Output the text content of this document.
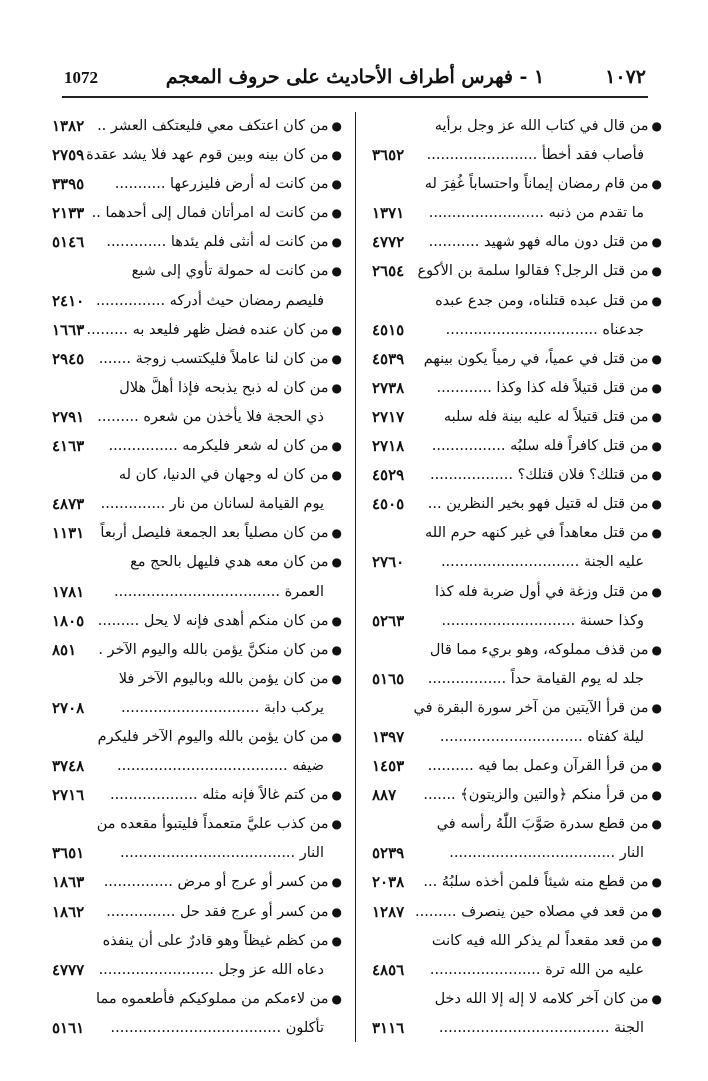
1072	١ - فهرس أطراف الأحاديث على حروف المعجم	١٠٧٢
●من قال في كتاب الله عز وجل برأيه
فأصاب فقد أخطأ ........................
٣٦٥٢
●من قام رمضان إيماناً واحتساباً غُفِرَ له
ما تقدم من ذنبه .........................
١٣٧١
●من قتل دون ماله فهو شهيد ...........
٤٧٧٢
●من قتل الرجل؟ فقالوا سلمة بن الأكوع
٢٦٥٤
●من قتل عبده قتلناه، ومن جدع عبده
جدعناه .................................
٤٥١٥
●من قتل في عمياً، في رمياً يكون بينهم
٤٥٣٩
●من قتل قتيلاً فله كذا وكذا ............
٢٧٣٨
●من قتل قتيلاً له عليه بينة فله سلبه
٢٧١٧
●من قتل كافراً فله سلبُه ................
٢٧١٨
●من قتلك؟ فلان قتلك؟ ..................
٤٥٢٩
●من قتل له قتيل فهو بخير النظرين ...
٤٥٠٥
●من قتل معاهداً في غير كنهه حرم الله
عليه الجنة ..............................
٢٧٦٠
●من قتل وزغة في أول ضربة فله كذا
وكذا حسنة .............................
٥٢٦٣
●من قذف مملوكه، وهو بريء مما قال
جلد له يوم القيامة حداً .................
٥١٦٥
●من قرأ الآيتين من آخر سورة البقرة في
ليلة كفتاه ...............................
١٣٩٧
●من قرأ القرآن وعمل بما فيه ..........
١٤٥٣
●من قرأ منكم ﴿والتين والزيتون﴾ .......
٨٨٧
●من قطع سدرة صَوَّبَ اللّٰهُ رأسه في
النار ....................................
٥٢٣٩
●من قطع منه شيئاً فلمن أخذه سلبُهُ ...
٢٠٣٨
●من قعد في مصلاه حين ينصرف .........
١٢٨٧
●من قعد مقعداً لم يذكر الله فيه كانت
عليه من الله ترة ........................
٤٨٥٦
●من كان آخر كلامه لا إله إلا الله دخل
الجنة .....................................
٣١١٦
●من كان اعتكف معي فليعتكف العشر ..
١٣٨٢
●من كان بينه وبين قوم عهد فلا يشد عقدة
٢٧٥٩
●من كانت له أرض فليزرعها ...........
٣٣٩٥
●من كانت له امرأتان فمال إلى أحدهما ..
٢١٣٣
●من كانت له أنثى فلم يئدها .............
٥١٤٦
●من كانت له حمولة تأوي إلى شبع
فليصم رمضان حيث أدركه ...............
٢٤١٠
●من كان عنده فضل ظهر فليعد به .........
١٦٦٣
●من كان لنا عاملاً فليكتسب زوجة .......
٢٩٤٥
●من كان له ذبح يذبحه فإذا أهلَّ هلال
ذي الحجة فلا يأخذن من شعره .........
٢٧٩١
●من كان له شعر فليكرمه ...............
٤١٦٣
●من كان له وجهان في الدنيا، كان له
يوم القيامة لسانان من نار ..............
٤٨٧٣
●من كان مصلياً بعد الجمعة فليصل أربعاً
١١٣١
●من كان معه هدي فليهل بالحج مع
العمرة ....................................
١٧٨١
●من كان منكم أهدى فإنه لا يحل .........
١٨٠٥
●من كان منكنَّ يؤمن بالله واليوم الآخر .
٨٥١
●من كان يؤمن بالله وباليوم الآخر فلا
يركب دابة ..............................
٢٧٠٨
●من كان يؤمن بالله واليوم الآخر فليكرم
ضيفه .....................................
٣٧٤٨
●من كتم غالاً فإنه مثله ...................
٢٧١٦
●من كذب عليَّ متعمداً فليتبوأ مقعده من
النار ......................................
٣٦٥١
●من كسر أو عرج أو مرض ...............
١٨٦٣
●من كسر أو عرج فقد حل ...............
١٨٦٢
●من كظم غيظاً وهو قادرٌ على أن ينفذه
دعاه الله عز وجل .........................
٤٧٧٧
●من لاءمكم من مملوكيكم فأطعموه مما
تأكلون .....................................
٥١٦١
